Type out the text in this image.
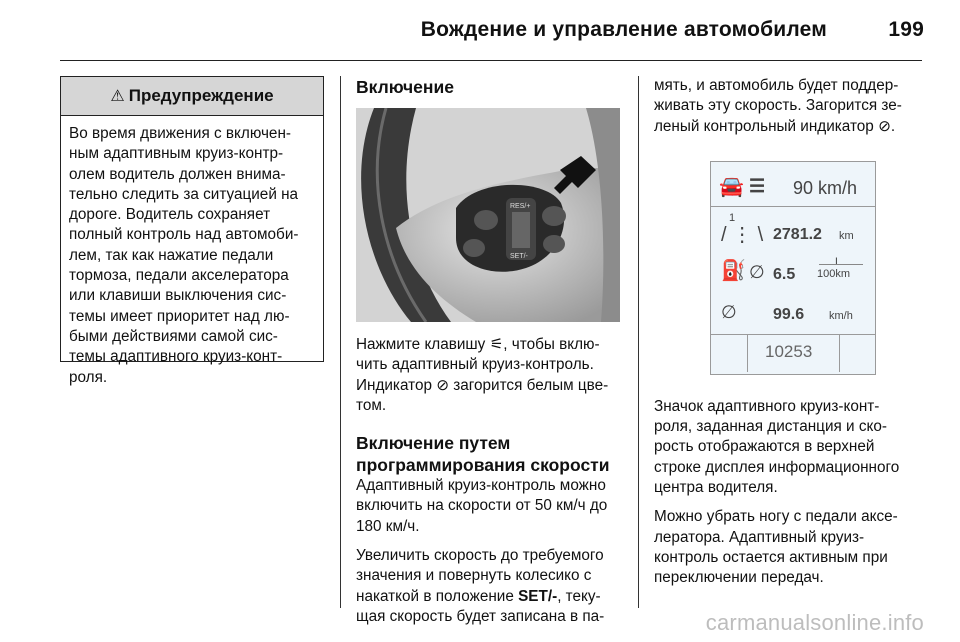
Вождение и управление автомобилем	199
⚠ Предупреждение
Во время движения с включен-
ным адаптивным круиз-контр-
олем водитель должен внима-
тельно следить за ситуацией на
дороге. Водитель сохраняет
полный контроль над автомоби-
лем, так как нажатие педали
тормоза, педали акселератора
или клавиши выключения сис-
темы имеет приоритет над лю-
быми действиями самой сис-
темы адаптивного круиз-конт-
роля.
Включение
RES/+
SET/-

Нажмите клавишу ⚟, чтобы вклю-

чить адаптивный круиз-контроль.

Индикатор ⊘ загорится белым цве-

том.

Включение путем
программирования скорости

Адаптивный круиз-контроль можно

включить на скорости от 50 км/ч до

180 км/ч.

Увеличить скорость до требуемого

значения и повернуть колесико с

накаткой в положение SET/-, теку-

щая скорость будет записана в па-

мять, и автомобиль будет поддер-

живать эту скорость. Загорится зе-

леный контрольный индикатор ⊘.

🚘 ☰ 90 km/h
1
/ ⋮ \ 2781.2 km
⛽ ∅ 6.5
L
100km
∅ 99.6 km/h
10253

Значок адаптивного круиз-конт-

роля, заданная дистанция и ско-

рость отображаются в верхней

строке дисплея информационного

центра водителя.

Можно убрать ногу с педали аксе-

лератора. Адаптивный круиз-

контроль остается активным при

переключении передач.

carmanualsonline.info
